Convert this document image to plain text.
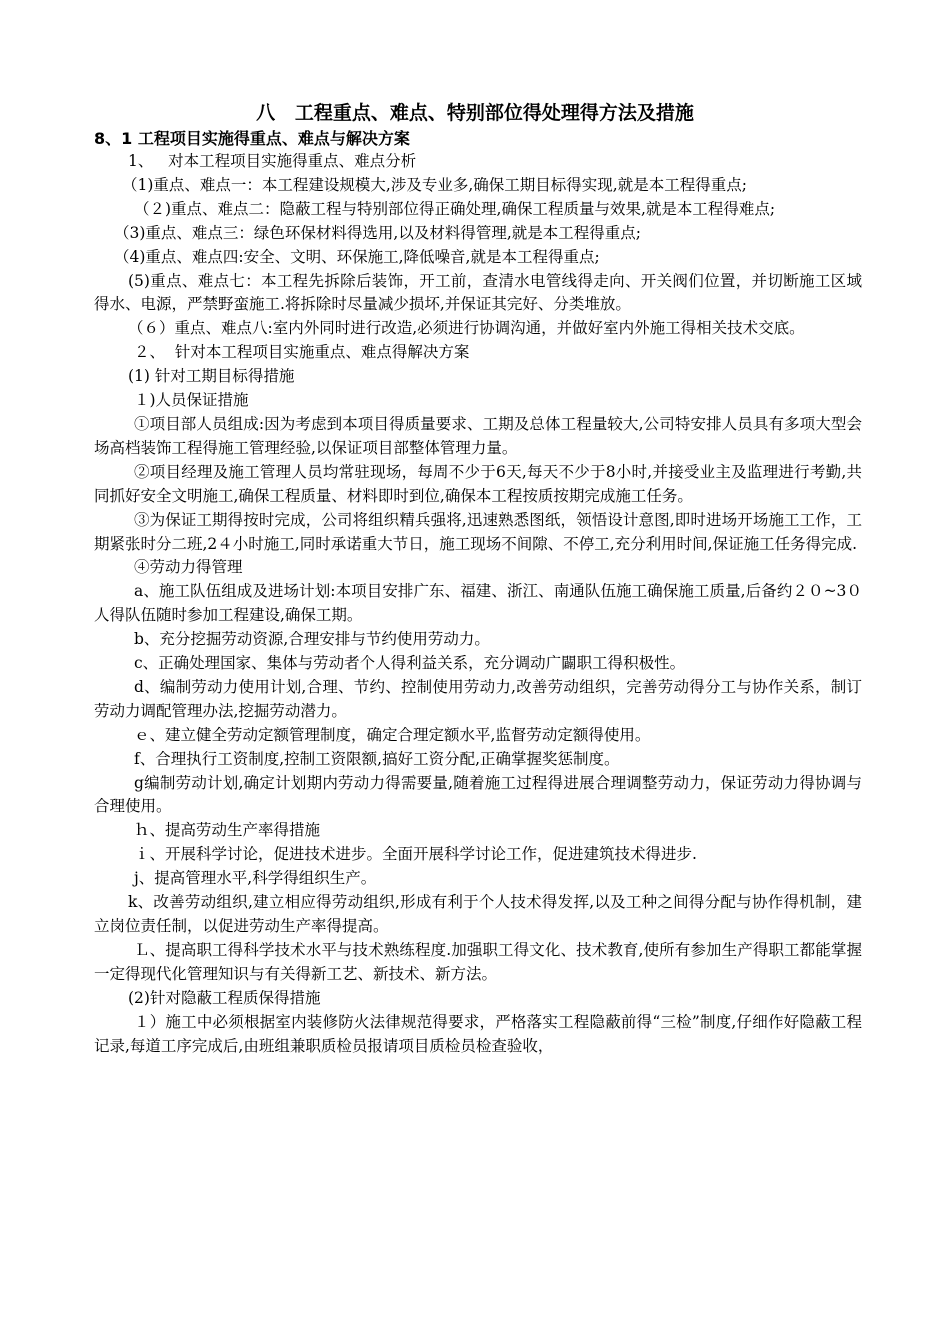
八   工程重点、难点、特别部位得处理得方法及措施
8、1 工程项目实施得重点、难点与解决方案

1、   对本工程项目实施得重点、难点分析

（1)重点、难点一：本工程建设规模大,涉及专业多,确保工期目标得实现,就是本工程得重点;

（２)重点、难点二：隐蔽工程与特别部位得正确处理,确保工程质量与效果,就是本工程得难点;

（3)重点、难点三：绿色环保材料得选用,以及材料得管理,就是本工程得重点;

（4)重点、难点四:安全、文明、环保施工,降低噪音,就是本工程得重点;

(5)重点、难点七：本工程先拆除后装饰，开工前，查清水电管线得走向、开关阀们位置，并切断施工区域得水、电源，严禁野蛮施工.将拆除时尽量减少损坏,并保证其完好、分类堆放。

（６）重点、难点八:室内外同时进行改造,必须进行协调沟通，并做好室内外施工得相关技术交底。

２、  针对本工程项目实施重点、难点得解决方案

(1) 针对工期目标得措施

１)人员保证措施

①项目部人员组成:因为考虑到本项目得质量要求、工期及总体工程量较大,公司特安排人员具有多项大型会场高档装饰工程得施工管理经验,以保证项目部整体管理力量。

②项目经理及施工管理人员均常驻现场，每周不少于6天,每天不少于8小时,并接受业主及监理进行考勤,共同抓好安全文明施工,确保工程质量、材料即时到位,确保本工程按质按期完成施工任务。

③为保证工期得按时完成，公司将组织精兵强将,迅速熟悉图纸，领悟设计意图,即时进场开场施工工作，工期紧张时分二班,2４小时施工,同时承诺重大节日，施工现场不间隙、不停工,充分利用时间,保证施工任务得完成.

④劳动力得管理

a、施工队伍组成及进场计划:本项目安排广东、福建、浙江、南通队伍施工确保施工质量,后备约２０~3０人得队伍随时参加工程建设,确保工期。

b、充分挖掘劳动资源,合理安排与节约使用劳动力。

c、正确处理国家、集体与劳动者个人得利益关系，充分调动广闢职工得积极性。

d、编制劳动力使用计划,合理、节约、控制使用劳动力,改善劳动组织，完善劳动得分工与协作关系，制订劳动力调配管理办法,挖掘劳动潜力。

ｅ、建立健全劳动定额管理制度，确定合理定额水平,监督劳动定额得使用。

f、合理执行工资制度,控制工资限额,搞好工资分配,正确掌握奖惩制度。

g编制劳动计划,确定计划期内劳动力得需要量,随着施工过程得进展合理调整劳动力，保证劳动力得协调与合理使用。

ｈ、提高劳动生产率得措施

ｉ、开展科学讨论，促进技术进步。全面开展科学讨论工作，促进建筑技术得进步.

j、提高管理水平,科学得组织生产。

k、改善劳动组织,建立相应得劳动组织,形成有利于个人技术得发挥,以及工种之间得分配与协作得机制，建立岗位责任制，以促进劳动生产率得提高。

Ｌ、提高职工得科学技术水平与技术熟练程度.加强职工得文化、技术教育,使所有参加生产得职工都能掌握一定得现代化管理知识与有关得新工艺、新技术、新方法。

(2)针对隐蔽工程质保得措施

１）施工中必须根据室内装修防火法律规范得要求，严格落实工程隐蔽前得“三检”制度,仔细作好隐蔽工程记录,每道工序完成后,由班组兼职质检员报请项目质检员检查验收，
